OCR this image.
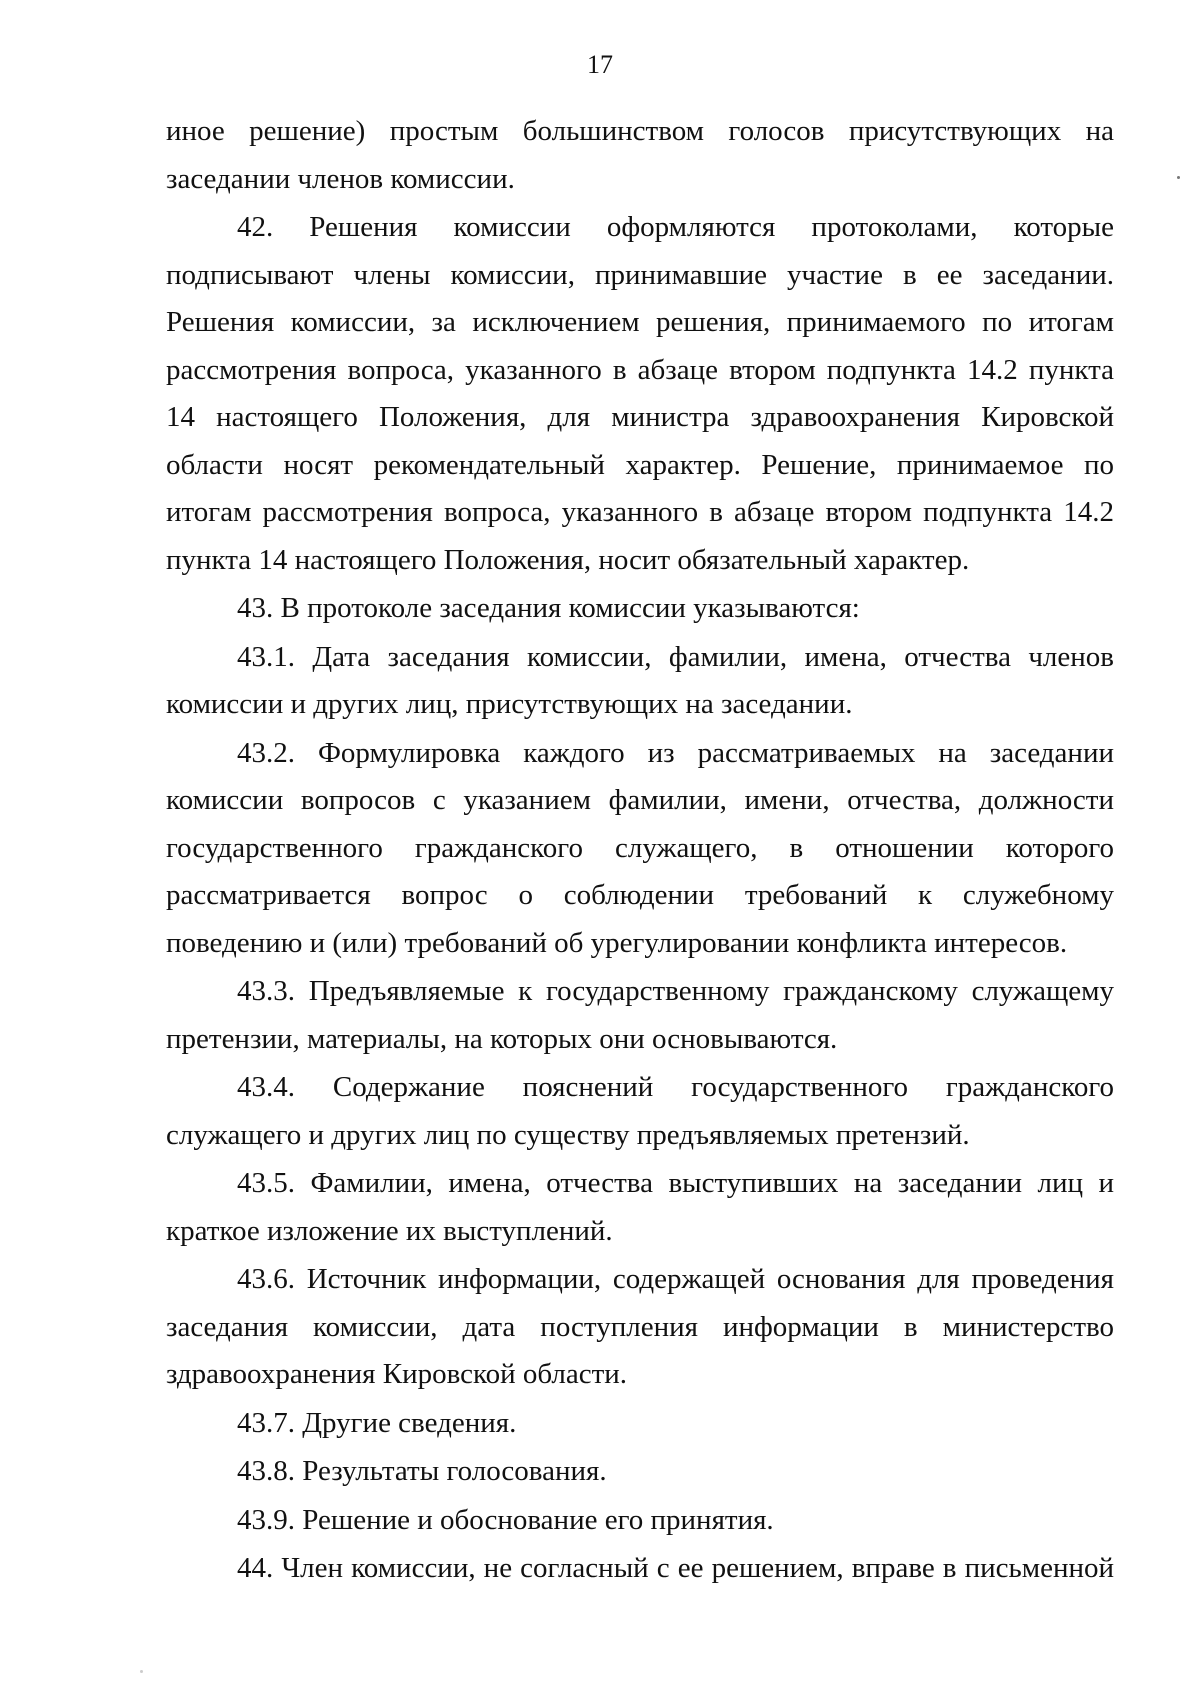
17

иное решение) простым большинством голосов присутствующих на заседании членов комиссии.

42. Решения комиссии оформляются протоколами, которые подписывают члены комиссии, принимавшие участие в ее заседании. Решения комиссии, за исключением решения, принимаемого по итогам рассмотрения вопроса, указанного в абзаце втором подпункта 14.2 пункта 14 настоящего Положения, для министра здравоохранения Кировской области носят рекомендательный характер. Решение, принимаемое по итогам рассмотрения вопроса, указанного в абзаце втором подпункта 14.2 пункта 14 настоящего Положения, носит обязательный характер.

43. В протоколе заседания комиссии указываются:

43.1. Дата заседания комиссии, фамилии, имена, отчества членов комиссии и других лиц, присутствующих на заседании.

43.2. Формулировка каждого из рассматриваемых на заседании комиссии вопросов с указанием фамилии, имени, отчества, должности государственного гражданского служащего, в отношении которого рассматривается вопрос о соблюдении требований к служебному поведению и (или) требований об урегулировании конфликта интересов.

43.3. Предъявляемые к государственному гражданскому служащему претензии, материалы, на которых они основываются.

43.4. Содержание пояснений государственного гражданского служащего и других лиц по существу предъявляемых претензий.

43.5. Фамилии, имена, отчества выступивших на заседании лиц и краткое изложение их выступлений.

43.6. Источник информации, содержащей основания для проведения заседания комиссии, дата поступления информации в министерство здравоохранения Кировской области.

43.7. Другие сведения.

43.8. Результаты голосования.

43.9. Решение и обоснование его принятия.

44. Член комиссии, не согласный с ее решением, вправе в письменной
